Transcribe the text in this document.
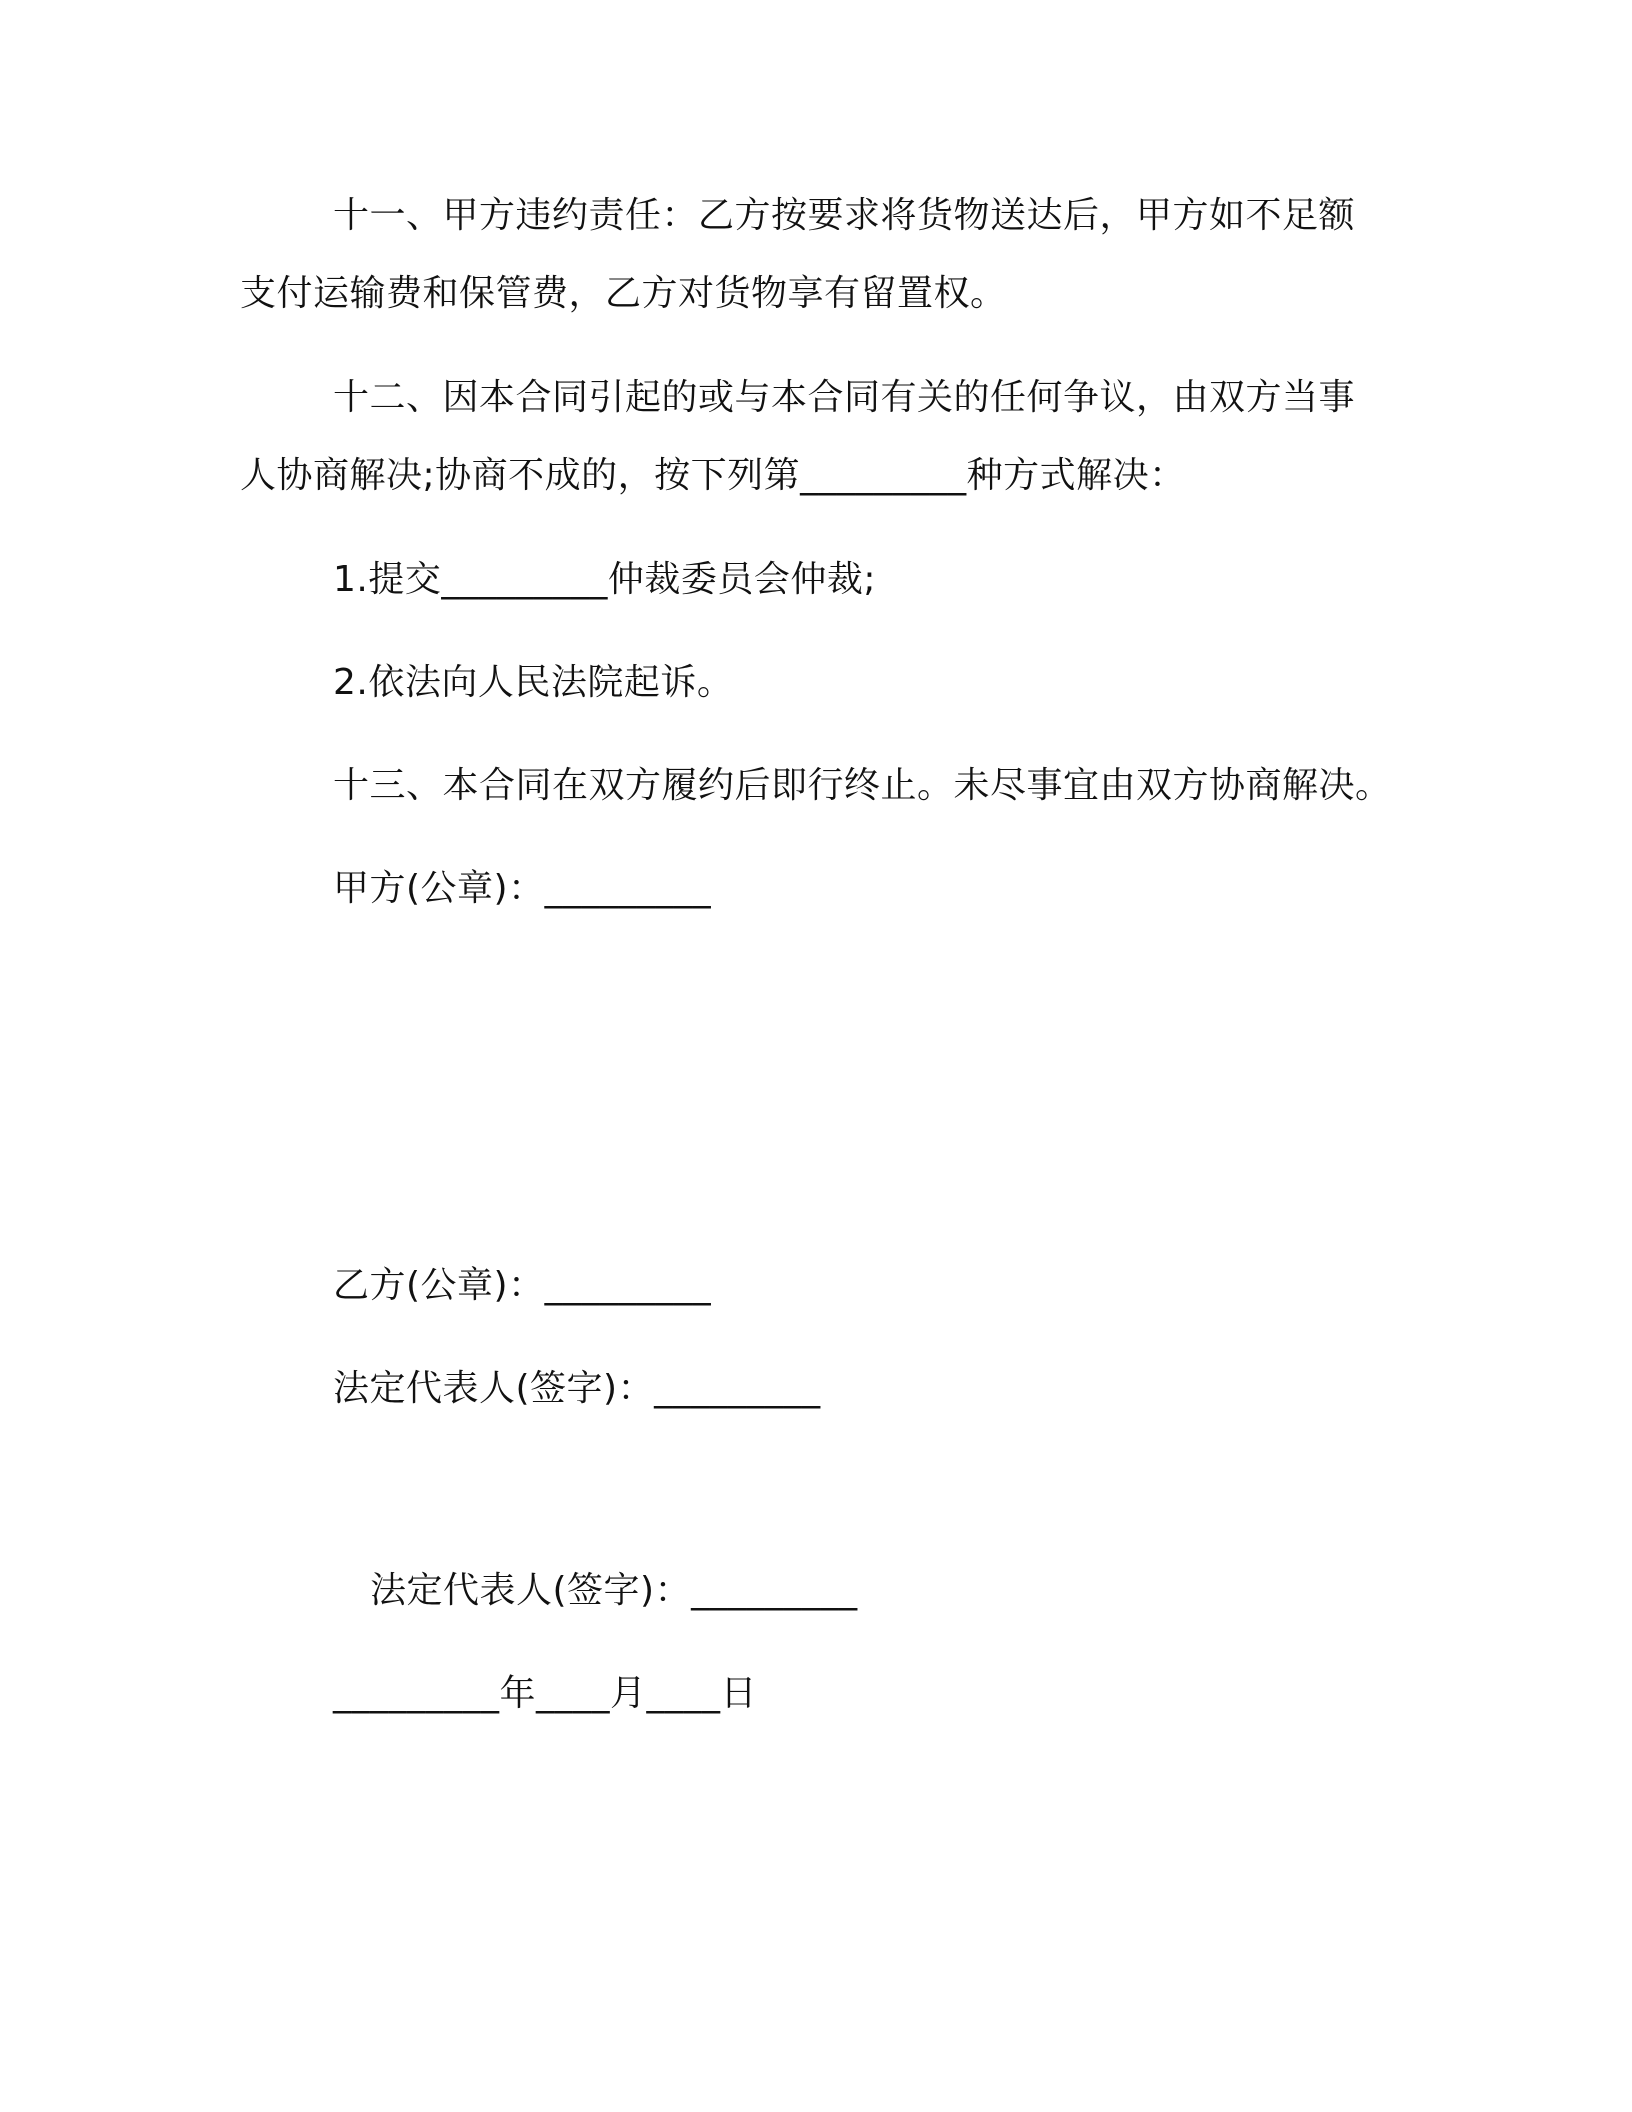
十一、甲方违约责任：乙方按要求将货物送达后，甲方如不足额
支付运输费和保管费，乙方对货物享有留置权。
十二、因本合同引起的或与本合同有关的任何争议，由双方当事
人协商解决;协商不成的，按下列第_________种方式解决：
1.提交_________仲裁委员会仲裁;
2.依法向人民法院起诉。
十三、本合同在双方履约后即行终止。未尽事宜由双方协商解决。
甲方(公章)：_________
乙方(公章)：_________
法定代表人(签字)：_________
法定代表人(签字)：_________
_________年____月____日
